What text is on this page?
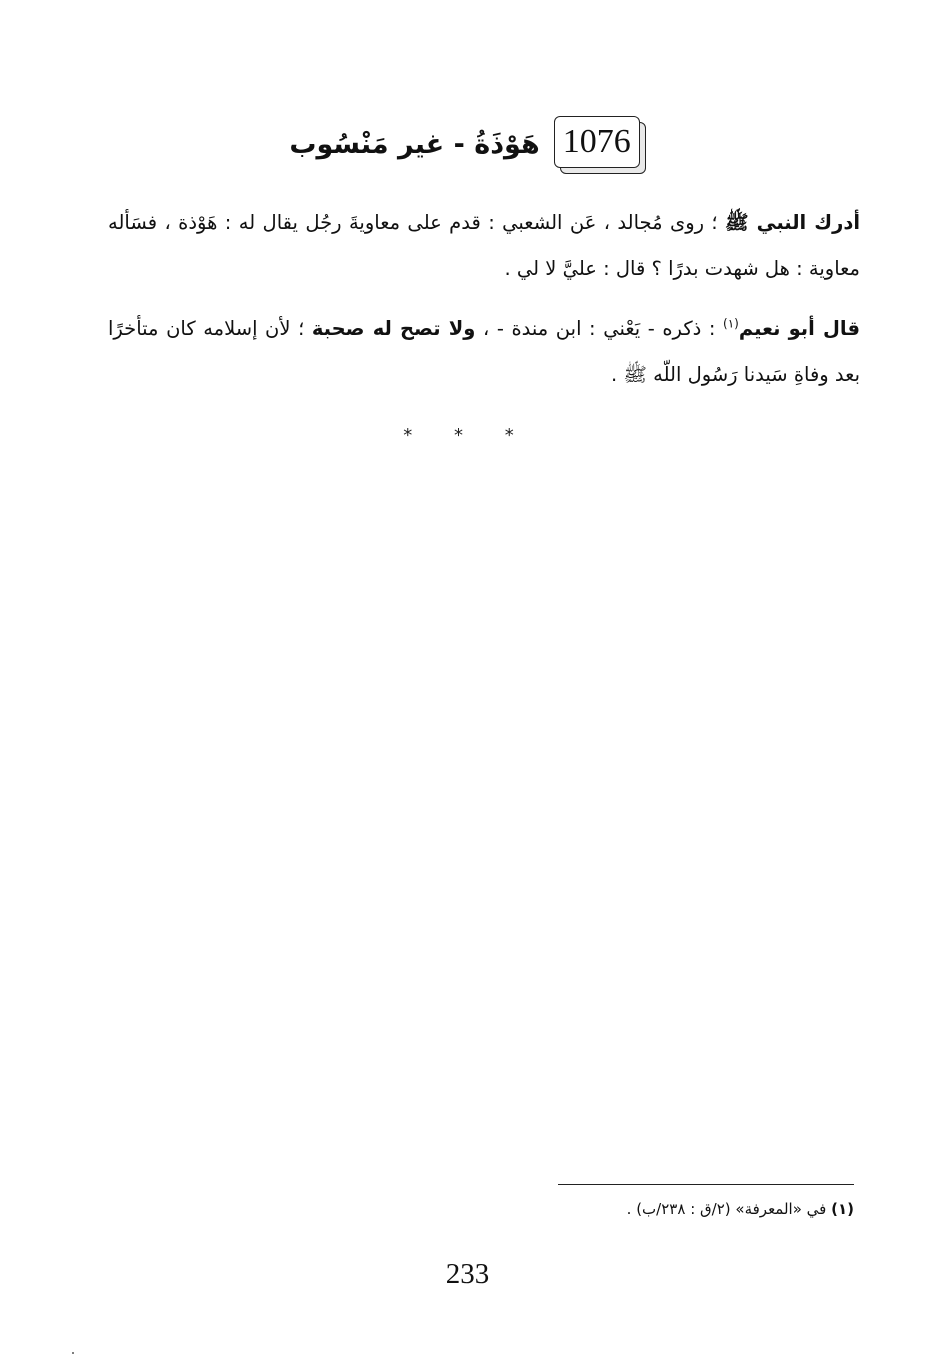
1076
هَوْذَةُ - غير مَنْسُوب
أدرك النبي ﷺ ؛ روى مُجالد ، عَن الشعبي : قدم على معاويةَ رجُل يقال له : هَوْذة ، فسَأله معاوية : هل شهدت بدرًا ؟ قال : عليَّ لا لي .
قال أبو نعيم$^{(١)}$ : ذكره - يَعْني : ابن مندة - ، ولا تصح له صحبة ؛ لأن إسلامه كان متأخرًا بعد وفاةِ سَيدنا رَسُول اللّه ﷺ .
* * *
(١) في «المعرفة» (٢/ق : ٢٣٨/ب) .
233
